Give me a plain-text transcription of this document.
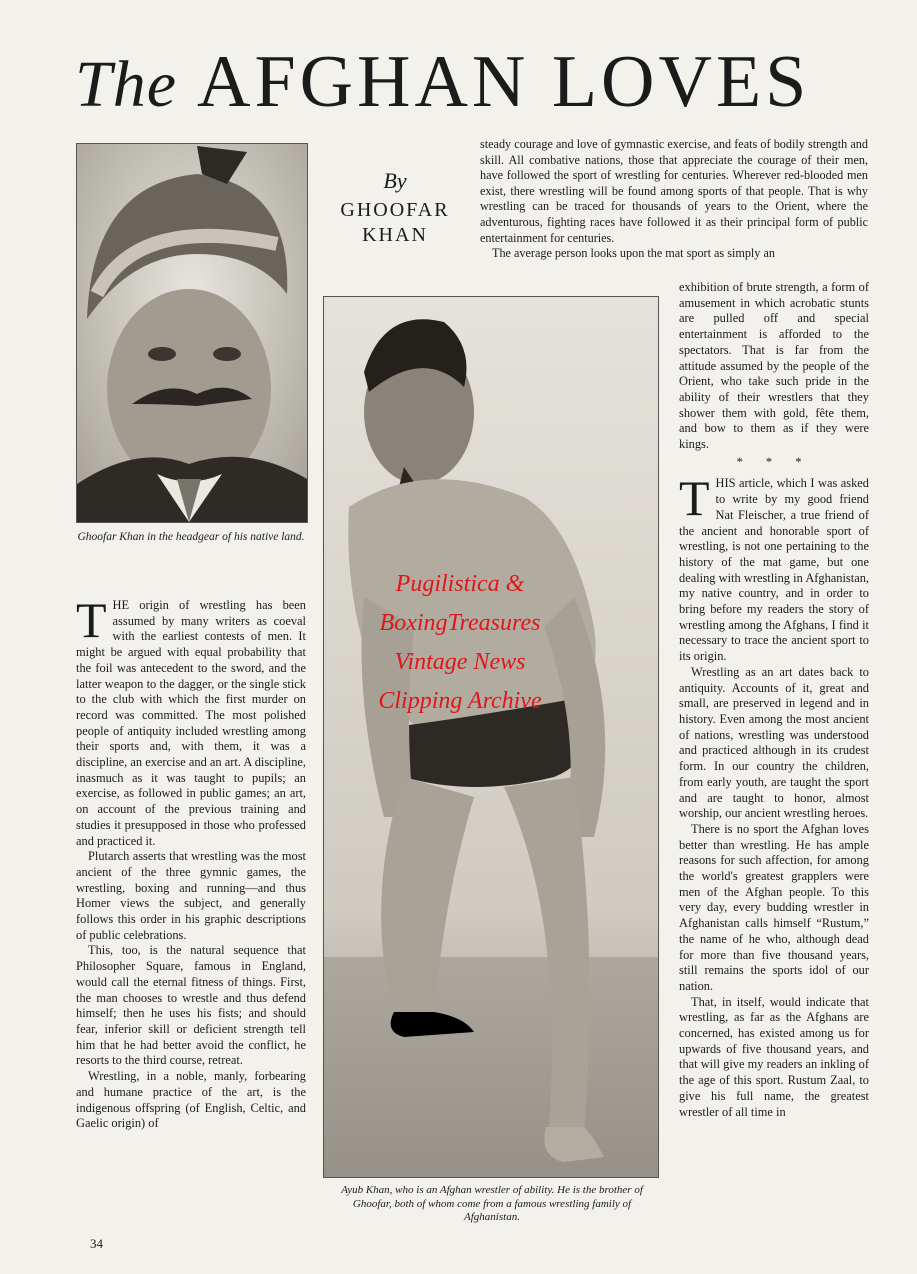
The AFGHAN LOVES
By
GHOOFAR KHAN
Ghoofar Khan in the headgear of his native land.
Ayub Khan, who is an Afghan wrestler of ability. He is the brother of Ghoofar, both of whom come from a famous wrestling family of Afghanistan.
Pugilistica &
BoxingTreasures
Vintage News
Clipping Archive

steady courage and love of gymnastic exercise, and feats of bodily strength and skill. All combative nations, those that appreciate the courage of their men, have followed the sport of wrestling for centuries. Wherever red-blooded men exist, there wrestling will be found among sports of that people. That is why wrestling can be traced for thousands of years to the Orient, where the adventurous, fighting races have followed it as their principal form of public entertainment for centuries.

The average person looks upon the mat sport as simply an

THE origin of wrestling has been assumed by many writers as coeval with the earliest contests of men. It might be argued with equal probability that the foil was antecedent to the sword, and the latter weapon to the dagger, or the single stick to the club with which the first murder on record was committed. The most polished people of antiquity included wrestling among their sports and, with them, it was a discipline, an exercise and an art. A discipline, inasmuch as it was taught to pupils; an exercise, as followed in public games; an art, on account of the previous training and studies it presupposed in those who professed and practiced it.

Plutarch asserts that wrestling was the most ancient of the three gymnic games, the wrestling, boxing and running—and thus Homer views the subject, and generally follows this order in his graphic descriptions of public celebrations.

This, too, is the natural sequence that Philosopher Square, famous in England, would call the eternal fitness of things. First, the man chooses to wrestle and thus defend himself; then he uses his fists; and should fear, inferior skill or deficient strength tell him that he had better avoid the conflict, he resorts to the third course, retreat.

Wrestling, in a noble, manly, forbearing and humane practice of the art, is the indigenous offspring (of English, Celtic, and Gaelic origin) of

exhibition of brute strength, a form of amusement in which acrobatic stunts are pulled off and special entertainment is afforded to the spectators. That is far from the attitude assumed by the people of the Orient, who take such pride in the ability of their wrestlers that they shower them with gold, fête them, and bow to them as if they were kings.

* * *

THIS article, which I was asked to write by my good friend Nat Fleischer, a true friend of the ancient and honorable sport of wrestling, is not one pertaining to the history of the mat game, but one dealing with wrestling in Afghanistan, my native country, and in order to bring before my readers the story of wrestling among the Afghans, I find it necessary to trace the ancient sport to its origin.

Wrestling as an art dates back to antiquity. Accounts of it, great and small, are preserved in legend and in history. Even among the most ancient of nations, wrestling was understood and practiced although in its crudest form. In our country the children, from early youth, are taught the sport and are taught to honor, almost worship, our ancient wrestling heroes.

There is no sport the Afghan loves better than wrestling. He has ample reasons for such affection, for among the world's greatest grapplers were men of the Afghan people. To this very day, every budding wrestler in Afghanistan calls himself “Rustum,” the name of he who, although dead for more than five thousand years, still remains the sports idol of our nation.

That, in itself, would indicate that wrestling, as far as the Afghans are concerned, has existed among us for upwards of five thousand years, and that will give my readers an inkling of the age of this sport. Rustum Zaal, to give his full name, the greatest wrestler of all time in

34
